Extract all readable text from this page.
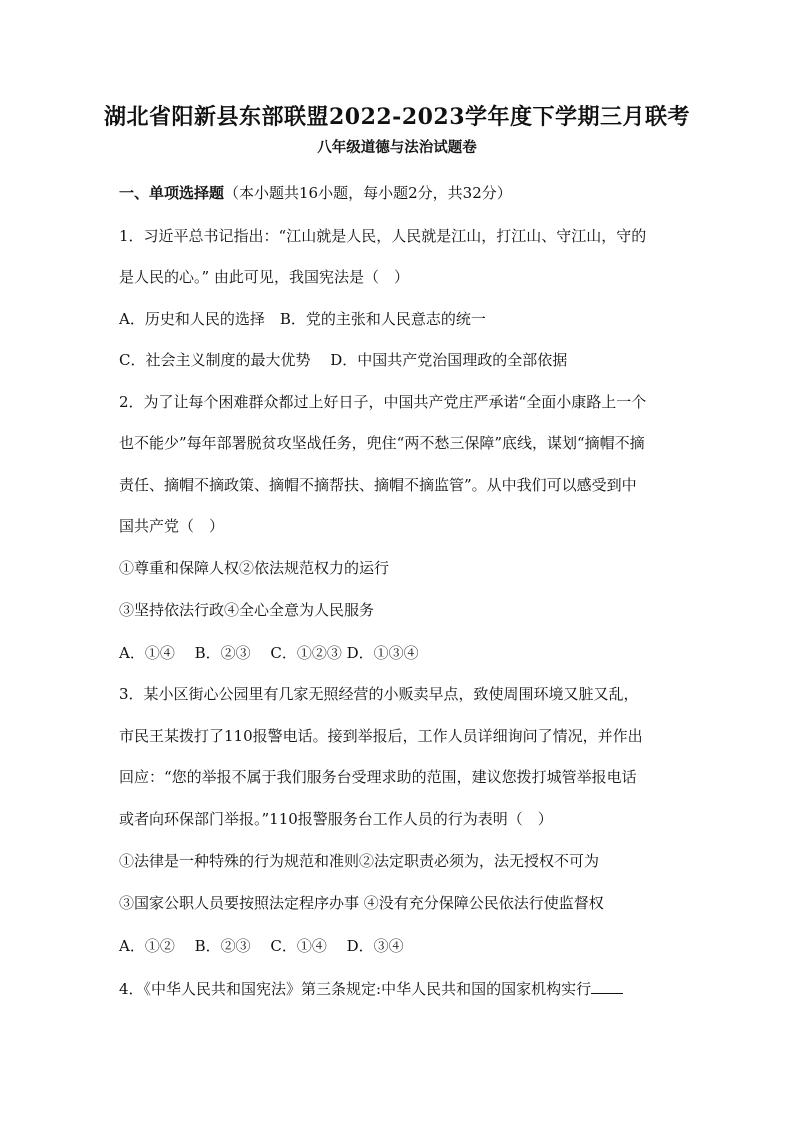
湖北省阳新县东部联盟2022-2023学年度下学期三月联考
八年级道德与法治试题卷
一、单项选择题（本小题共16小题，每小题2分，共32分）
1．习近平总书记指出：“江山就是人民，人民就是江山，打江山、守江山，守的
是人民的心。” 由此可见，我国宪法是（　）
A．历史和人民的选择　B．党的主张和人民意志的统一
C．社会主义制度的最大优势　 D．中国共产党治国理政的全部依据
2．为了让每个困难群众都过上好日子，中国共产党庄严承诺“全面小康路上一个
也不能少”每年部署脱贫攻坚战任务，兜住“两不愁三保障”底线，谋划“摘帽不摘
责任、摘帽不摘政策、摘帽不摘帮扶、摘帽不摘监管”。从中我们可以感受到中
国共产党（　）
①尊重和保障人权②依法规范权力的运行
③坚持依法行政④全心全意为人民服务
A．①④　 B．②③　 C．①②③ D．①③④
3．某小区街心公园里有几家无照经营的小贩卖早点，致使周围环境又脏又乱，
市民王某拨打了110报警电话。接到举报后，工作人员详细询问了情况，并作出
回应：“您的举报不属于我们服务台受理求助的范围，建议您拨打城管举报电话
或者向环保部门举报。”110报警服务台工作人员的行为表明（　）
①法律是一种特殊的行为规范和准则②法定职责必须为，法无授权不可为
③国家公职人员要按照法定程序办事 ④没有充分保障公民依法行使监督权
A．①②　 B．②③　 C．①④　 D．③④
4．《中华人民共和国宪法》第三条规定:中华人民共和国的国家机构实行
